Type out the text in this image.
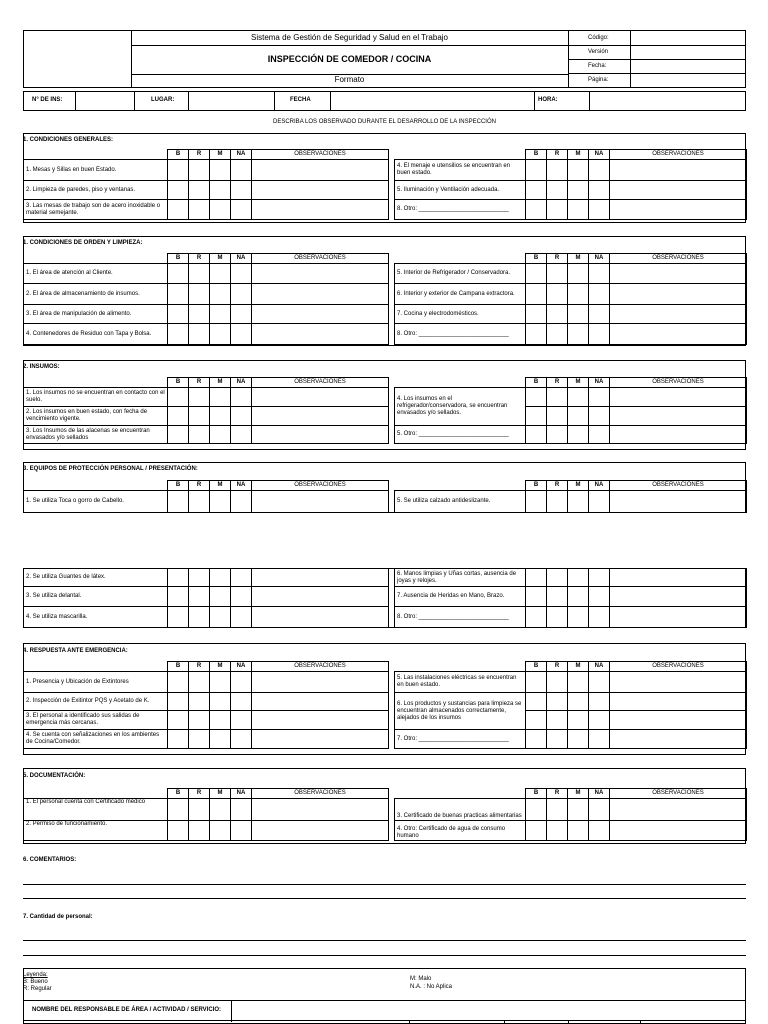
Sistema de Gestión de Seguridad y Salud en el Trabajo
INSPECCIÓN DE COMEDOR / COCINA
Formato
Código:
Versión
Fecha:
Página:
N° DE INS:	LUGAR:	FECHA	HORA:
DESCRIBA LOS OBSERVADO DURANTE EL DESARROLLO DE LA INSPECCIÓN
1. CONDICIONES GENERALES:
1. CONDICIONES DE ORDEN Y LIMPIEZA:
2. INSUMOS:
3. EQUIPOS DE PROTECCIÓN PERSONAL / PRESENTACIÓN:
	B	R	M	NA	OBSERVACIONES			B	R	M	NA	OBSERVACIONES
1. Mesas y Sillas en buen Estado.							4. El menaje e utensilios se encuentran en buen estado.					
2. Limpieza de paredes, piso y ventanas.							5. Iluminación y Ventilación adecuada.					
3. Las mesas de trabajo son de acero inoxidable o material semejante.							8. Otro: ___________________________					
	B	R	M	NA	OBSERVACIONES			B	R	M	NA	OBSERVACIONES
1. El área de atención al Cliente.							5. Interior de Refrigerador / Conservadora.					
2. El área de almacenamiento de insumos.							6. Interior y exterior de Campana extractora.					
3. El área de manipulación de alimento.							7. Cocina y electrodomésticos.					
4. Contenedores de Residuo con Tapa y Bolsa.							8. Otro: ___________________________					
	B	R	M	NA	OBSERVACIONES			B	R	M	NA	OBSERVACIONES
1. Los insumos no se encuentran en contacto con el suelo.							4. Los insumos en el refrigerador/conservadora, se encuentran envasados y/o sellados.					
2. Los insumos en buen estado, con fecha de vencimiento vigente.												
3. Los Insumos de las alacenas se encuentran envasados y/o sellados							5. Otro: ___________________________					
	B	R	M	NA	OBSERVACIONES			B	R	M	NA	OBSERVACIONES
1. Se utiliza Toca o gorro de Cabello.							5. Se utiliza calzado antideslizante.					
2. Se utiliza Guantes de látex.							6. Manos limpias y Uñas cortas, ausencia de joyas y relojes.					
3. Se utiliza delantal.							7. Ausencia de Heridas en Mano, Brazo.					
4. Se utiliza mascarilla.							8. Otro: ___________________________					
4. RESPUESTA ANTE EMERGENCIA:
	B	R	M	NA	OBSERVACIONES			B	R	M	NA	OBSERVACIONES
1. Presencia y Ubicación de Extintores							5. Las instalaciones eléctricas se encuentran en buen estado.					
2. Inspección de Exitintor PQS y Acetato de K.							6. Los productos y sustancias para limpieza se encuentran almacenados correctamente, alejados de los insumos					
3. El personal a identificado sus salidas de emergencia más cercanas.												
4. Se cuenta con señalizaciones en los ambientes de Cocina/Comedor.							7. Otro: ___________________________					
5. DOCUMENTACIÓN:
	B	R	M	NA	OBSERVACIONES			B	R	M	NA	OBSERVACIONES
1. El personal cuenta con Certificado médico							3. Certificado de buenas practicas alimentarias					
2. Permiso de funcionamiento.							4. Otro: Certificado de agua de consumo humano					
6. COMENTARIOS:
7. Cantidad de personal:
Leyenda:
B: Bueno
R: Regular
M: Malo
N.A. : No Aplica
NOMBRE DEL RESPONSABLE DE ÁREA / ACTIVIDAD / SERVICIO:
